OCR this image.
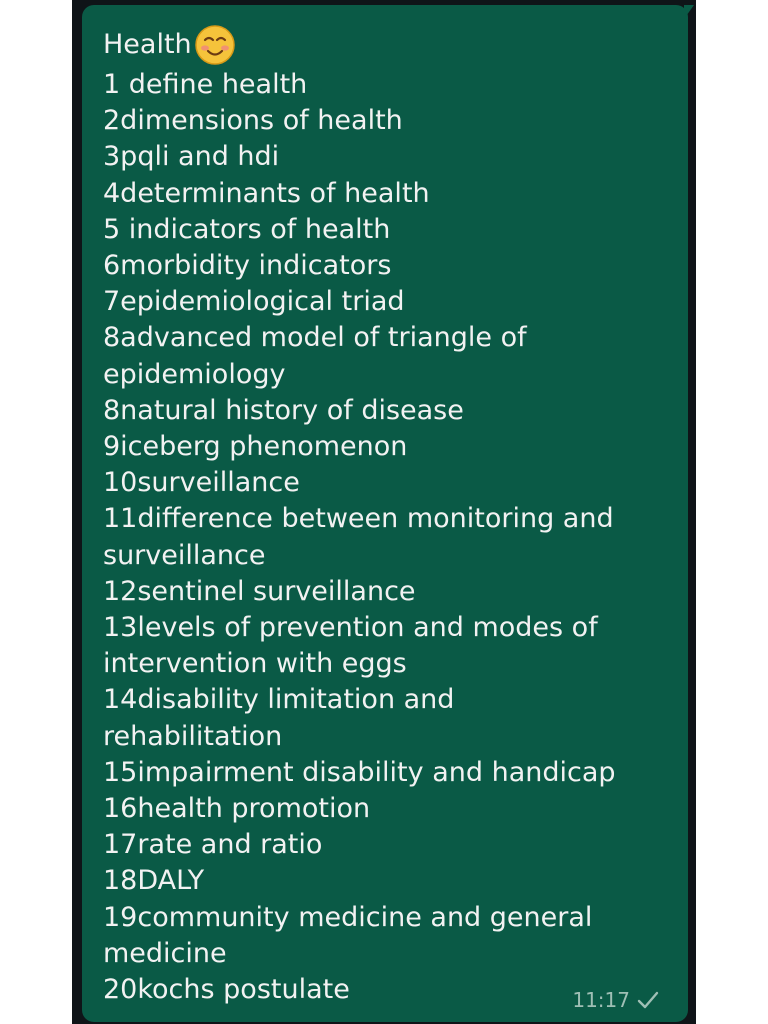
Health
1 define health
2dimensions of health
3pqli and hdi
4determinants of health
5 indicators of health
6morbidity indicators
7epidemiological triad
8advanced model of triangle of
epidemiology
8natural history of disease
9iceberg phenomenon
10surveillance
11difference between monitoring and
surveillance
12sentinel surveillance
13levels of prevention and modes of
intervention with eggs
14disability limitation and
rehabilitation
15impairment disability and handicap
16health promotion
17rate and ratio
18DALY
19community medicine and general
medicine
20kochs postulate	11:17
